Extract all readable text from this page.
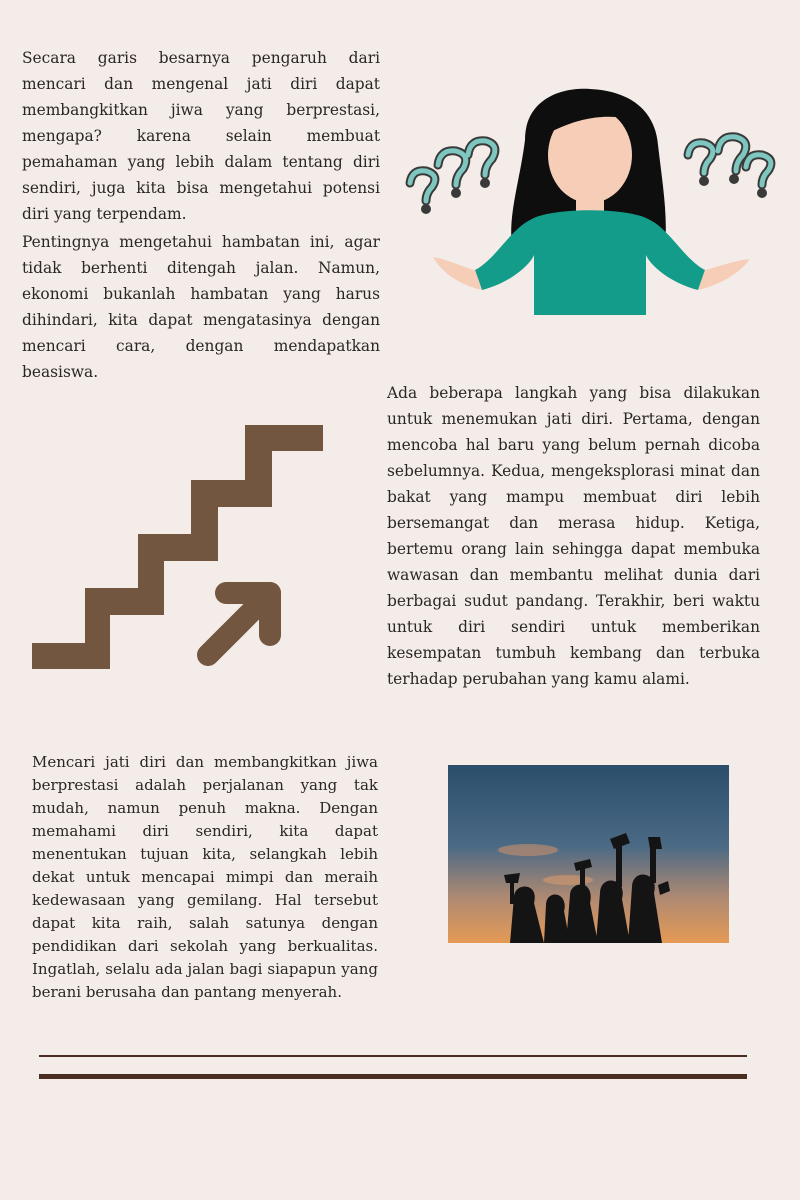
Secara garis besarnya pengaruh dari mencari dan mengenal jati diri dapat membangkitkan jiwa yang berprestasi, mengapa? karena selain membuat pemahaman yang lebih dalam tentang diri sendiri, juga kita bisa mengetahui potensi diri yang terpendam.

Pentingnya mengetahui hambatan ini, agar tidak berhenti ditengah jalan. Namun, ekonomi bukanlah hambatan yang harus dihindari, kita dapat mengatasinya dengan mencari cara, dengan mendapatkan beasiswa.

Ada beberapa langkah yang bisa dilakukan untuk menemukan jati diri. Pertama, dengan mencoba hal baru yang belum pernah dicoba sebelumnya. Kedua, mengeksplorasi minat dan bakat yang mampu membuat diri lebih bersemangat dan merasa hidup. Ketiga, bertemu orang lain sehingga dapat membuka wawasan dan membantu melihat dunia dari berbagai sudut pandang. Terakhir, beri waktu untuk diri sendiri untuk memberikan kesempatan tumbuh kembang dan terbuka terhadap perubahan yang kamu alami.

Mencari jati diri dan membangkitkan jiwa berprestasi adalah perjalanan yang tak mudah, namun penuh makna. Dengan memahami diri sendiri, kita dapat menentukan tujuan kita, selangkah lebih dekat untuk mencapai mimpi dan meraih kedewasaan yang gemilang. Hal tersebut dapat kita raih, salah satunya dengan pendidikan dari sekolah yang berkualitas. Ingatlah, selalu ada jalan bagi siapapun yang berani berusaha dan pantang menyerah.
